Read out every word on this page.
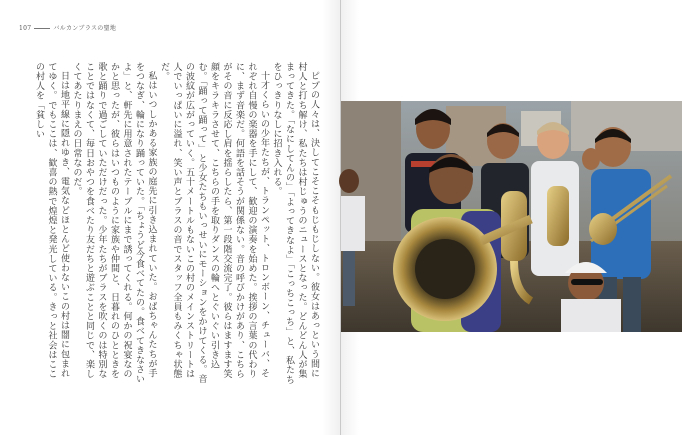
107	バルカンブラスの聖地

ピプの人々は、決してこそこそもじもじしない。彼女はあっという間に村人と打ち解け、私たちは村じゅうのニュースとなった。どんどん人が集まってきた。「なにしてんの」「よってきなよ」「こっちこっち」と、私たちをひっきりなしに招き入れる。

十才くらいの少年たちが、トランペット、トロンボーン、チューバ、それぞれ自慢の楽器を手にして、歓迎の演奏を始めた。挨拶の言葉の代わりに、まず音楽だ。何語を話そうが関係ない。音の呼びかけがあり、こちらがその音に反応し肩を揺らしたら、第一段階交流完了。彼らはますます笑顔をキラキラさせて、こちらの手を取りダンスの輪へとぐいぐい引き込む。「踊って踊って」と少女たちもいっせいにモーションをかけてくる。音の波紋が広がっていく。五十メートルもないこの村のメインストリートは人でいっぱいに溢れ、笑い声とブラスの音でスタッフ全員もみくちゃ状態だ。

私はいつしかある家族の庭先に引き込まれていた。おばちゃんたちが手をつなぎ、輪になり踊っていた。「ちょうど今食べてたの。食べてきなさいよ」と、軒先に用意されたテーブルにまで誘ってくれる。何かの祝宴なのかと思ったが、彼らはいつものように家族や仲間と、日暮れのひとときを歌と踊りで過ごしていただけだった。少年たちがブラスを吹くのは特別なことではなくて、毎日おやつを食べたり友だちと遊ぶことと同じで、楽しくてあたりまえの日常なのだ。

日は地平線に隠れゆき、電気などほとんど使わないこの村は闇に包まれてゆく。でもここは、歓喜の熱で煌煌と発光している。きっと社会はここの村人を「貧しい
